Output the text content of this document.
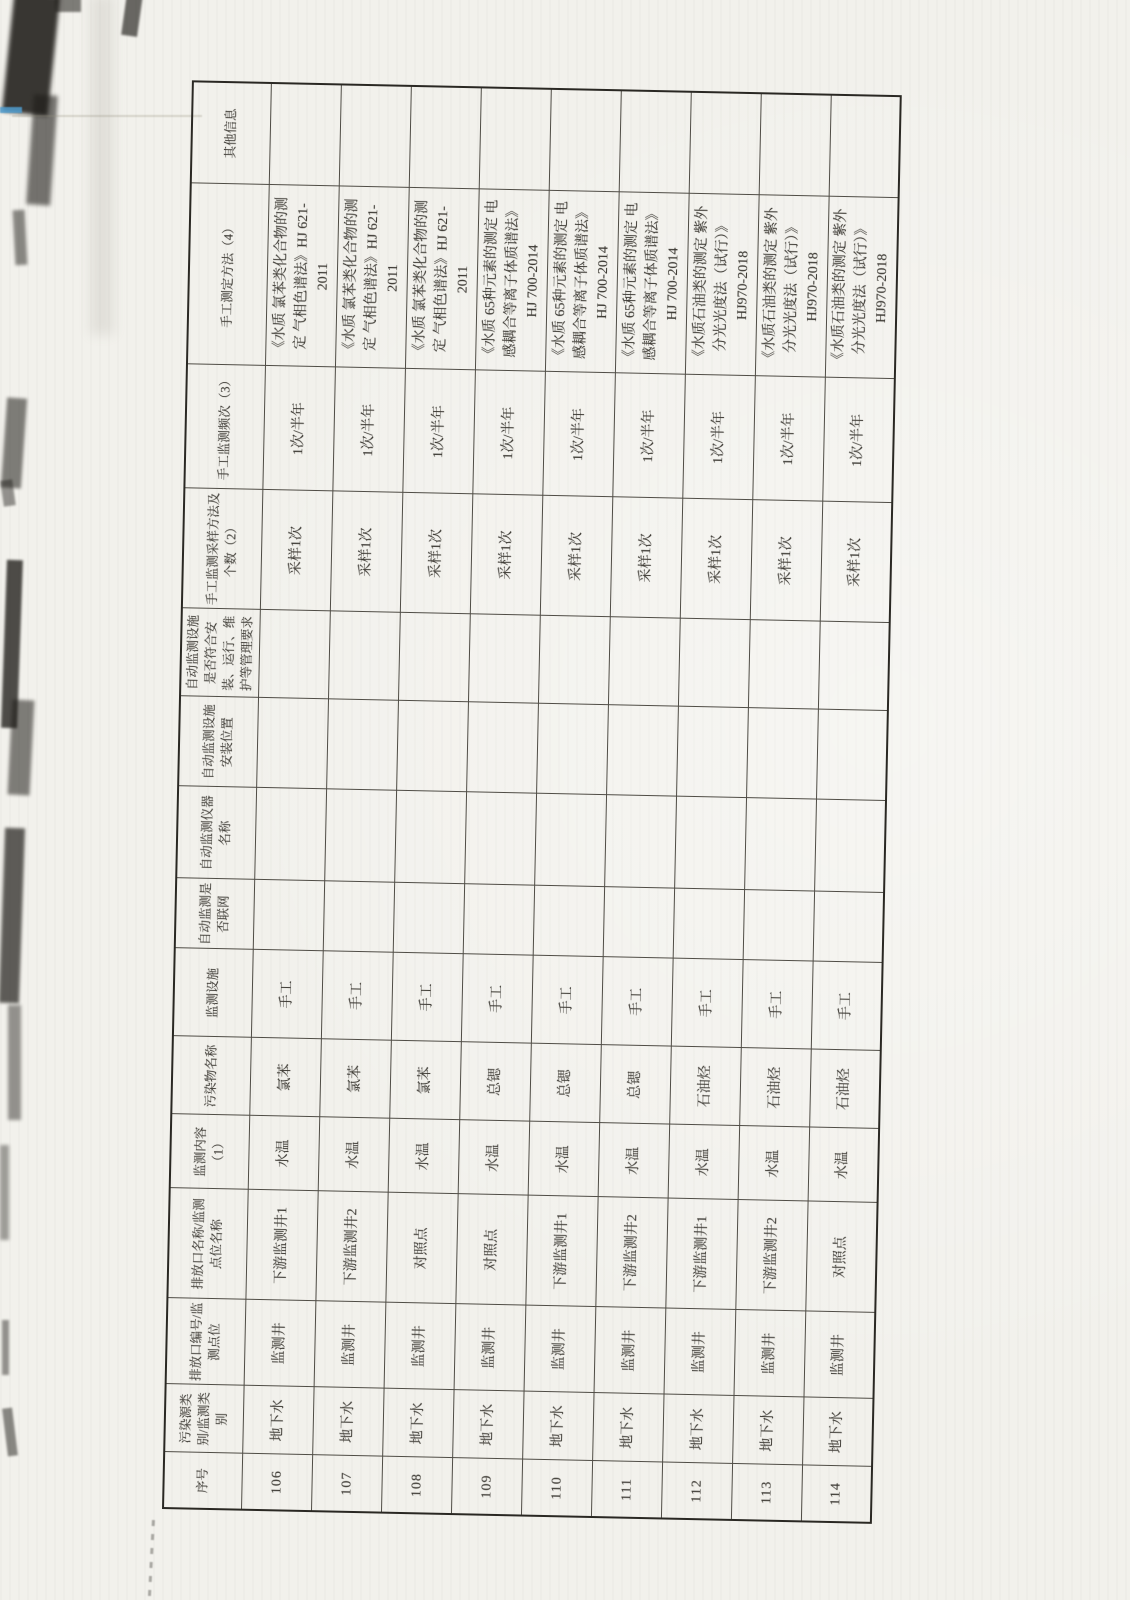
序号	污染源类别/监测类别	排放口编号/监测点位	排放口名称/监测点位名称	监测内容（1）	污染物名称	监测设施	自动监测是否联网	自动监测仪器名称	自动监测设施安装位置	自动监测设施是否符合安装、运行、维护等管理要求	手工监测采样方法及个数（2）	手工监测频次（3）	手工测定方法（4）	其他信息
106	地下水	监测井	下游监测井1	水温	氯苯	手工					采样1次	1次/半年	《水质 氯苯类化合物的测定 气相色谱法》HJ 621-2011	
107	地下水	监测井	下游监测井2	水温	氯苯	手工					采样1次	1次/半年	《水质 氯苯类化合物的测定 气相色谱法》HJ 621-2011	
108	地下水	监测井	对照点	水温	氯苯	手工					采样1次	1次/半年	《水质 氯苯类化合物的测定 气相色谱法》HJ 621-2011	
109	地下水	监测井	对照点	水温	总锶	手工					采样1次	1次/半年	《水质 65种元素的测定 电感耦合等离子体质谱法》HJ 700-2014	
110	地下水	监测井	下游监测井1	水温	总锶	手工					采样1次	1次/半年	《水质 65种元素的测定 电感耦合等离子体质谱法》HJ 700-2014	
111	地下水	监测井	下游监测井2	水温	总锶	手工					采样1次	1次/半年	《水质 65种元素的测定 电感耦合等离子体质谱法》HJ 700-2014	
112	地下水	监测井	下游监测井1	水温	石油烃	手工					采样1次	1次/半年	《水质石油类的测定 紫外分光光度法（试行）》 HJ970-2018	
113	地下水	监测井	下游监测井2	水温	石油烃	手工					采样1次	1次/半年	《水质石油类的测定 紫外分光光度法（试行）》 HJ970-2018	
114	地下水	监测井	对照点	水温	石油烃	手工					采样1次	1次/半年	《水质石油类的测定 紫外分光光度法（试行）》 HJ970-2018	
